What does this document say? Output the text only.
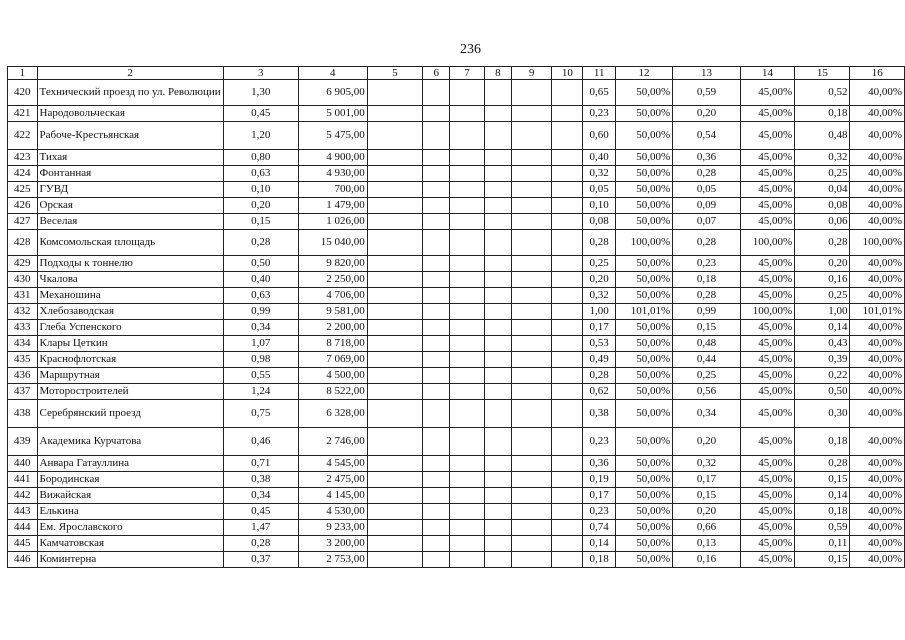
236
1	2	3	4	5	6	7	8	9	10	11	12	13	14	15	16
420	Технический проезд по ул. Революции	1,30	6 905,00							0,65	50,00%	0,59	45,00%	0,52	40,00%
421	Народовольческая	0,45	5 001,00							0,23	50,00%	0,20	45,00%	0,18	40,00%
422	Рабоче-Крестьянская	1,20	5 475,00							0,60	50,00%	0,54	45,00%	0,48	40,00%
423	Тихая	0,80	4 900,00							0,40	50,00%	0,36	45,00%	0,32	40,00%
424	Фонтанная	0,63	4 930,00							0,32	50,00%	0,28	45,00%	0,25	40,00%
425	ГУВД	0,10	700,00							0,05	50,00%	0,05	45,00%	0,04	40,00%
426	Орская	0,20	1 479,00							0,10	50,00%	0,09	45,00%	0,08	40,00%
427	Веселая	0,15	1 026,00							0,08	50,00%	0,07	45,00%	0,06	40,00%
428	Комсомольская площадь	0,28	15 040,00							0,28	100,00%	0,28	100,00%	0,28	100,00%
429	Подходы к тоннелю	0,50	9 820,00							0,25	50,00%	0,23	45,00%	0,20	40,00%
430	Чкалова	0,40	2 250,00							0,20	50,00%	0,18	45,00%	0,16	40,00%
431	Механошина	0,63	4 706,00							0,32	50,00%	0,28	45,00%	0,25	40,00%
432	Хлебозаводская	0,99	9 581,00							1,00	101,01%	0,99	100,00%	1,00	101,01%
433	Глеба Успенского	0,34	2 200,00							0,17	50,00%	0,15	45,00%	0,14	40,00%
434	Клары Цеткин	1,07	8 718,00							0,53	50,00%	0,48	45,00%	0,43	40,00%
435	Краснофлотская	0,98	7 069,00							0,49	50,00%	0,44	45,00%	0,39	40,00%
436	Маршрутная	0,55	4 500,00							0,28	50,00%	0,25	45,00%	0,22	40,00%
437	Моторостроителей	1,24	8 522,00							0,62	50,00%	0,56	45,00%	0,50	40,00%
438	Серебрянский проезд	0,75	6 328,00							0,38	50,00%	0,34	45,00%	0,30	40,00%
439	Академика Курчатова	0,46	2 746,00							0,23	50,00%	0,20	45,00%	0,18	40,00%
440	Анвара Гатауллина	0,71	4 545,00							0,36	50,00%	0,32	45,00%	0,28	40,00%
441	Бородинская	0,38	2 475,00							0,19	50,00%	0,17	45,00%	0,15	40,00%
442	Вижайская	0,34	4 145,00							0,17	50,00%	0,15	45,00%	0,14	40,00%
443	Елькина	0,45	4 530,00							0,23	50,00%	0,20	45,00%	0,18	40,00%
444	Ем. Ярославского	1,47	9 233,00							0,74	50,00%	0,66	45,00%	0,59	40,00%
445	Камчатовская	0,28	3 200,00							0,14	50,00%	0,13	45,00%	0,11	40,00%
446	Коминтерна	0,37	2 753,00							0,18	50,00%	0,16	45,00%	0,15	40,00%
